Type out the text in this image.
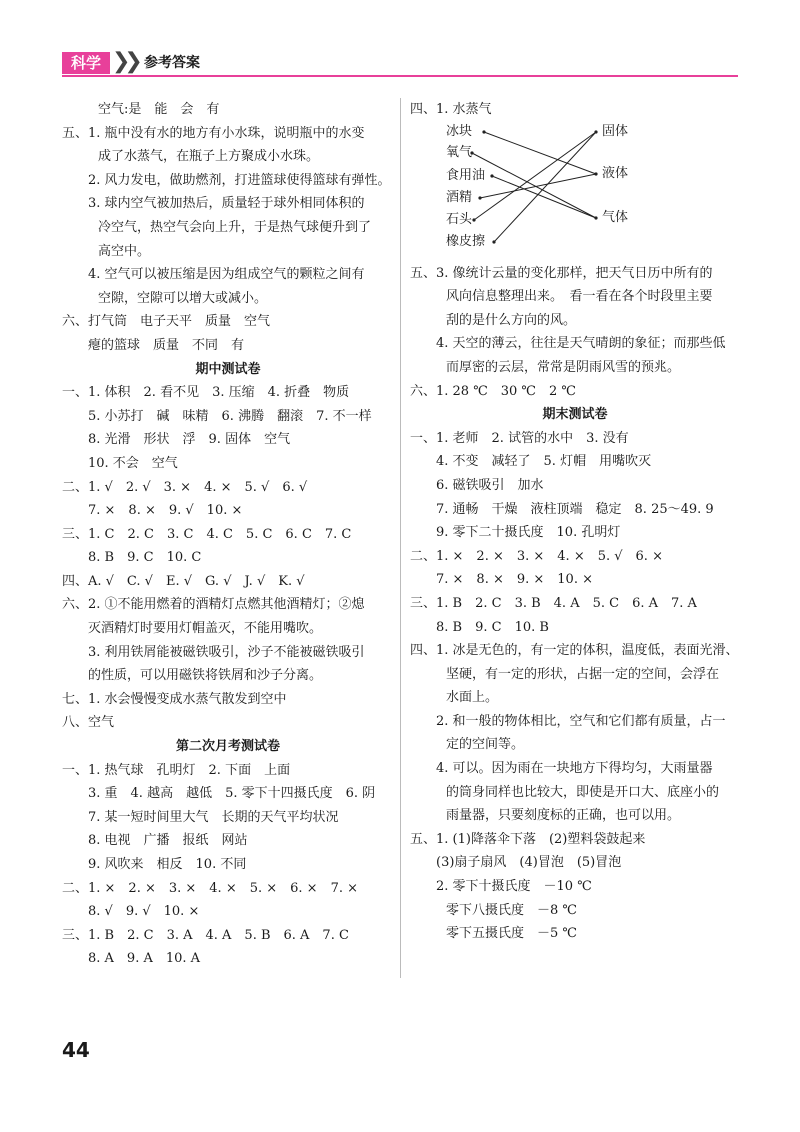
科学 ❯❯ 参考答案
空气:是　能　会　有
五、1. 瓶中没有水的地方有小水珠，说明瓶中的水变
成了水蒸气，在瓶子上方聚成小水珠。
2. 风力发电，做助燃剂，打进篮球使得篮球有弹性。
3. 球内空气被加热后，质量轻于球外相同体积的
冷空气，热空气会向上升，于是热气球便升到了
高空中。
4. 空气可以被压缩是因为组成空气的颗粒之间有
空隙，空隙可以增大或减小。
六、打气筒　电子天平　质量　空气
瘪的篮球　质量　不同　有
期中测试卷
一、1. 体积　2. 看不见　3. 压缩　4. 折叠　物质
5. 小苏打　碱　味精　6. 沸腾　翻滚　7. 不一样
8. 光滑　形状　浮　9. 固体　空气
10. 不会　空气
二、1. √　2. √　3. ×　4. ×　5. √　6. √
7. ×　8. ×　9. √　10. ×
三、1. C　2. C　3. C　4. C　5. C　6. C　7. C
8. B　9. C　10. C
四、A. √　C. √　E. √　G. √　J. √　K. √
六、2. ①不能用燃着的酒精灯点燃其他酒精灯；②熄
灭酒精灯时要用灯帽盖灭，不能用嘴吹。
3. 利用铁屑能被磁铁吸引，沙子不能被磁铁吸引
的性质，可以用磁铁将铁屑和沙子分离。
七、1. 水会慢慢变成水蒸气散发到空中
八、空气
第二次月考测试卷
一、1. 热气球　孔明灯　2. 下面　上面
3. 重　4. 越高　越低　5. 零下十四摄氏度　6. 阴
7. 某一短时间里大气　长期的天气平均状况
8. 电视　广播　报纸　网站
9. 风吹来　相反　10. 不同
二、1. ×　2. ×　3. ×　4. ×　5. ×　6. ×　7. ×
8. √　9. √　10. ×
三、1. B　2. C　3. A　4. A　5. B　6. A　7. C
8. A　9. A　10. A
四、1. 水蒸气
冰块
氧气
食用油
酒精
石头
橡皮擦
固体
液体
气体
五、3. 像统计云量的变化那样，把天气日历中所有的
风向信息整理出来。　看一看在各个时段里主要
刮的是什么方向的风。
4. 天空的薄云，往往是天气晴朗的象征；而那些低
而厚密的云层，常常是阴雨风雪的预兆。
六、1. 28 ℃　30 ℃　2 ℃
期末测试卷
一、1. 老师　2. 试管的水中　3. 没有
4. 不变　减轻了　5. 灯帽　用嘴吹灭
6. 磁铁吸引　加水
7. 通畅　干燥　液柱顶端　稳定　8. 25～49. 9
9. 零下二十摄氏度　10. 孔明灯
二、1. ×　2. ×　3. ×　4. ×　5. √　6. ×
7. ×　8. ×　9. ×　10. ×
三、1. B　2. C　3. B　4. A　5. C　6. A　7. A
8. B　9. C　10. B
四、1. 冰是无色的，有一定的体积，温度低，表面光滑、
坚硬，有一定的形状，占据一定的空间，会浮在
水面上。
2. 和一般的物体相比，空气和它们都有质量，占一
定的空间等。
4. 可以。因为雨在一块地方下得均匀，大雨量器
的筒身同样也比较大，即使是开口大、底座小的
雨量器，只要刻度标的正确，也可以用。
五、1. (1)降落伞下落　(2)塑料袋鼓起来
(3)扇子扇风　(4)冒泡　(5)冒泡
2. 零下十摄氏度　－10 ℃
零下八摄氏度　－8 ℃
零下五摄氏度　－5 ℃
44
